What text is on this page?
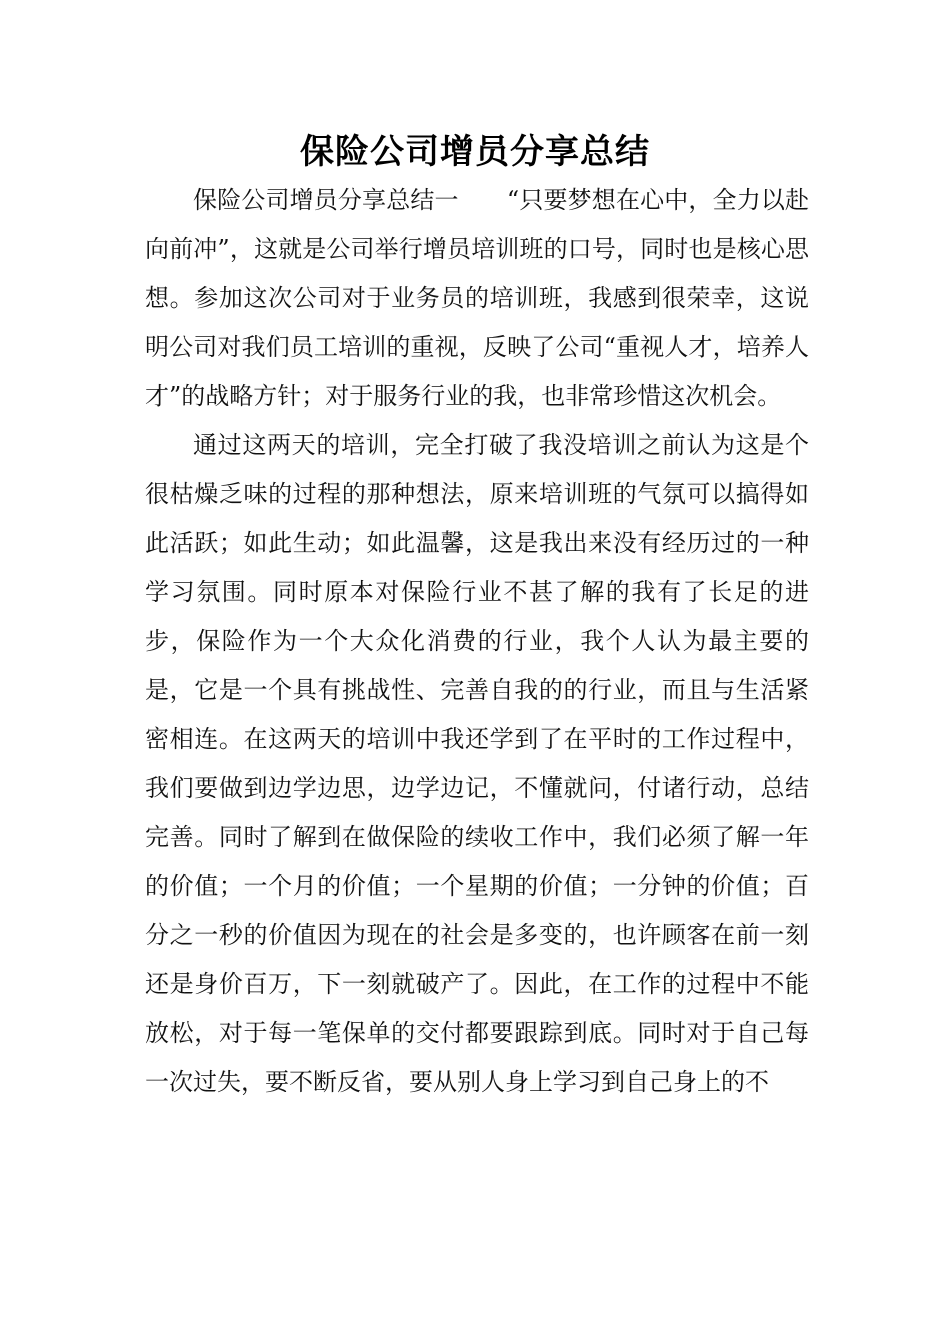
保险公司增员分享总结

保险公司增员分享总结一　　“只要梦想在心中，全力以赴向前冲”，这就是公司举行增员培训班的口号，同时也是核心思想。参加这次公司对于业务员的培训班，我感到很荣幸，这说明公司对我们员工培训的重视，反映了公司“重视人才，培养人才”的战略方针；对于服务行业的我，也非常珍惜这次机会。

通过这两天的培训，完全打破了我没培训之前认为这是个很枯燥乏味的过程的那种想法，原来培训班的气氛可以搞得如此活跃；如此生动；如此温馨，这是我出来没有经历过的一种学习氛围。同时原本对保险行业不甚了解的我有了长足的进步，保险作为一个大众化消费的行业，我个人认为最主要的是，它是一个具有挑战性、完善自我的的行业，而且与生活紧密相连。在这两天的培训中我还学到了在平时的工作过程中，我们要做到边学边思，边学边记，不懂就问，付诸行动，总结完善。同时了解到在做保险的续收工作中，我们必须了解一年的价值；一个月的价值；一个星期的价值；一分钟的价值；百分之一秒的价值因为现在的社会是多变的，也许顾客在前一刻还是身价百万，下一刻就破产了。因此，在工作的过程中不能放松，对于每一笔保单的交付都要跟踪到底。同时对于自己每一次过失，要不断反省，要从别人身上学习到自己身上的不
